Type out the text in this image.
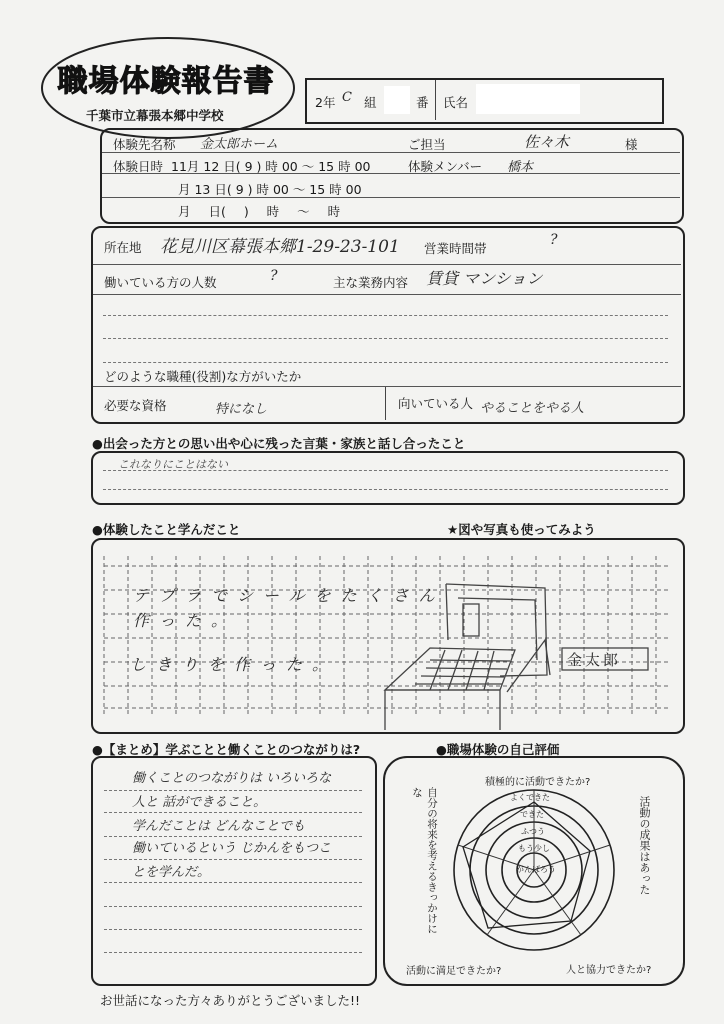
職場体験報告書
千葉市立幕張本郷中学校
2年 C 組	番 氏名
体験先名称 金太郎ホーム	ご担当	佐々木	様
体験日時 11月 12 日( 9 ) 時 00 〜 15 時 00	体験メンバー 橋本
月 13 日( 9 ) 時 00 〜 15 時 00
月 日( ) 時 〜 時
所在地 花見川区幕張本郷1-29-23-101 営業時間帯
?
働いている方の人数	?	主な業務内容 賃貸 マンション
どのような職種(役割)な方がいたか
必要な資格	特になし	向いている人 やることをやる人
●出会った方との思い出や心に残った言葉・家族と話し合ったこと
これなりにことはない
●体験したこと学んだこと	★図や写真も使ってみよう
テプラでシールをたくさん
作った。
しきりを作った。	金太郎
●【まとめ】学ぶことと働くことのつながりは?
働くことのつながりは いろいろな
人と 話ができること。
学んだことは どんなことでも
働いているという じかんをもつこ
とを学んだ。
●職場体験の自己評価
よくできた
できた
ふつう
もう少し
がんばろう
積極的に活動できたか?
活動の成果はあった
人と協力できたか?
活動に満足できたか?
自分の将来を考えるきっかけにな
お世話になった方々ありがとうございました!!
